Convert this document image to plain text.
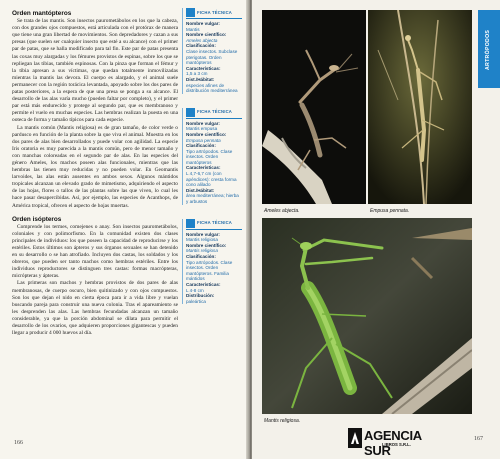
Orden mantópteros

Se trata de las mantis. Son insectos paurometábolos en los que la cabeza, con dos grandes ojos compuestos, está articulada con el protórax de manera que tiene una gran libertad de movimientos. Son depredadores y cazan a sus presas (que suelen ser cualquier insecto que esté a su alcance) con el primer par de patas, que se halla modificado para tal fin. Este par de patas presenta las coxas muy alargadas y los fémures provistos de espinas, sobre los que se repliegan las tibias, también espinosas. Con la pinza que forman el fémur y la tibia apresan a sus víctimas, que quedan totalmente inmovilizadas mientras la mantis las devora. El cuerpo es alargado, y el animal suele permanecer con la región torácica levantada, apoyado sobre los dos pares de patas posteriores, a la espera de que una presa se ponga a su alcance. El desarrollo de las alas varía mucho (pueden faltar por completo), y el primer par está más endurecido y protege al segundo par, que es membranoso y permite el vuelo en muchas especies. Las hembras realizan la puesta en una ooteca de forma y tamaño típicos para cada especie.

La mantis común (Mantis religiosa) es de gran tamaño, de color verde o pardusco en función de la planta sobre la que viva el animal. Muestra en los dos pares de alas bien desarrollados y puede volar con agilidad. La especie Iris oratoria es muy parecida a la mantis común, pero de menor tamaño y con manchas coloreadas en el segundo par de alas. En las especies del género Ameles, los machos poseen alas funcionales, mientras que las hembras las tienen muy reducidas y no pueden volar. En Geomantis larvoides, las alas están ausentes en ambos sexos. Algunos mántidos tropicales alcanzan un elevado grado de mimetismo, adquiriendo el aspecto de las hojas, flores o tallos de las plantas sobre las que viven, lo cual les hace pasar desapercibidas. Así, por ejemplo, las especies de Acanthops, de América tropical, ofrecen el aspecto de hojas muertas.

Orden isópteros

Comprende los termes, comejenes o anay. Son insectos paurometábolos, coloniales y con polimorfismo. En la comunidad existen dos clases principales de individuos: los que poseen la capacidad de reproducirse y los estériles. Estos últimos son ápteros y sus órganos sexuales se han detenido en su desarrollo o se han atrofiado. Incluyen dos castas, los soldados y los obreros, que pueden ser tanto machos como hembras estériles. Entre los individuos reproductores se distinguen tres castas: formas macrópteras, micrópteras y ápteras.

Las primeras son machos y hembras provistos de dos pares de alas membranosas, de cuerpo oscuro, bien quitinizado y con ojos compuestos. Son los que dejan el nido en cierta época para ir a vida libre y vuelan buscando pareja para construir una nueva colonia. Tras el apareamiento se les desprenden las alas. Las hembras fecundadas alcanzan un tamaño considerable, ya que la porción abdominal se dilata para permitir el desarrollo de los ovarios, que adquieren proporciones gigantescas y pueden llegar a producir 4 000 huevos al día.

FICHA TÉCNICA
Nombre vulgar:
Mantis
Nombre científico:
Ameles abjecta
Clasificación:
Clase insectos. Subclase pterigotas. Orden mantópteros
Características:
1,5 a 3 cm
Dist./Hábitat:
especies afines de distribución mediterránea
FICHA TÉCNICA
Nombre vulgar:
Mantis empusa
Nombre científico:
Empusa pennata
Clasificación:
Tipo artrópodos. Clase insectos. Orden mantópteros
Características:
L 4,7-6,7 cm (con apéndices): cresta forma cono alilado
Dist./Hábitat:
área mediterránea; hierba y arbustos
FICHA TÉCNICA
Nombre vulgar:
Mantis religiosa
Nombre científico:
Mantis religiosa
Clasificación:
Tipo artrópodos. Clase insectos. Orden mantópteros. Familia mántidos
Características:
L 4-8 cm
Distribución:
paleártica
166
Ameles abjecta.	Empusa pennata.
Mantis religiosa.
ARTRÓPODOS
AGENCIA SUR
LIBROS S.R.L.
167
